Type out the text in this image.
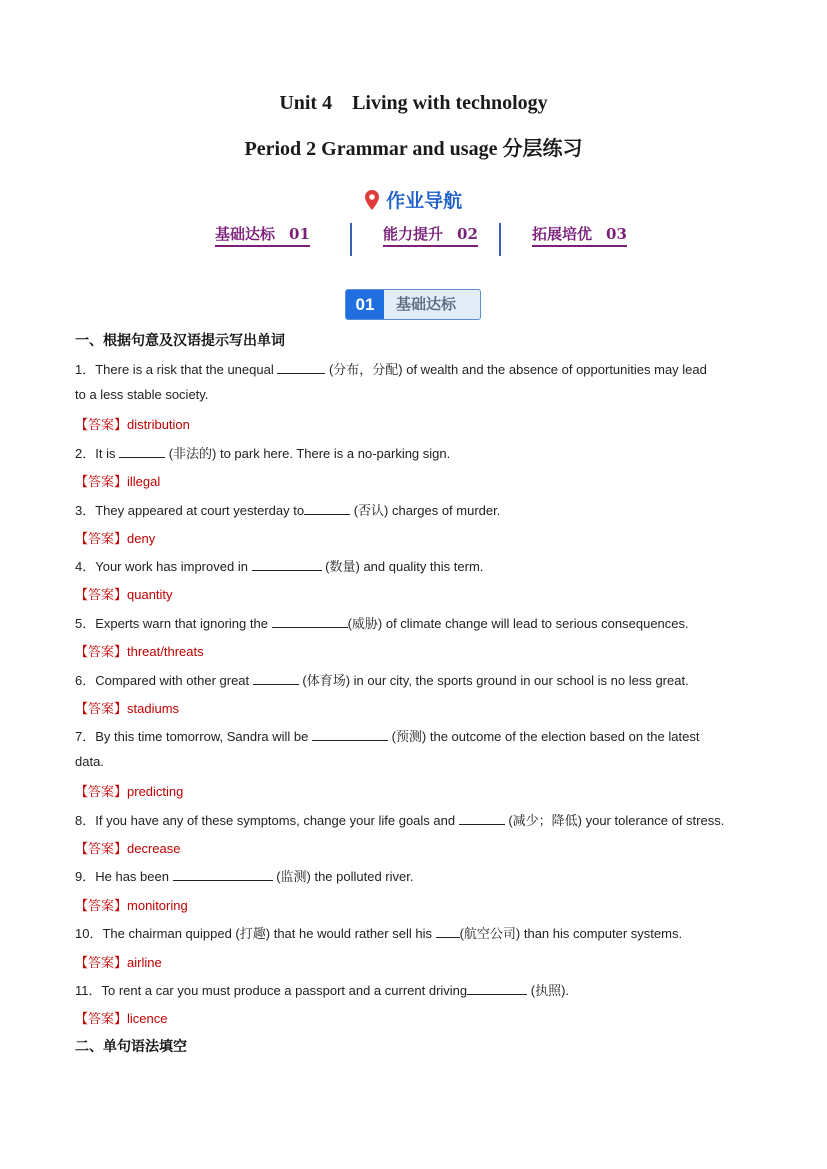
Unit 4    Living with technology
Period 2 Grammar and usage 分层练习
作业导航
基础达标 01	能力提升 02	拓展培优 03
01	基础达标
一、根据句意及汉语提示写出单词
1．There is a risk that the unequal	(分布，分配) of wealth and the absence of opportunities may lead
to a less stable society.
【答案】distribution
2．It is	(非法的) to park here. There is a no-parking sign.
【答案】illegal
3．They appeared at court yesterday to	(否认) charges of murder.
【答案】deny
4．Your work has improved in	(数量) and quality this term.
【答案】quantity
5．Experts warn that ignoring the	(威胁) of climate change will lead to serious consequences.
【答案】threat/threats
6．Compared with other great	(体育场) in our city, the sports ground in our school is no less great.
【答案】stadiums
7．By this time tomorrow, Sandra will be	(预测) the outcome of the election based on the latest
data.
【答案】predicting
8．If you have any of these symptoms, change your life goals and	(减少；降低) your tolerance of stress.
【答案】decrease
9．He has been	(监测) the polluted river.
【答案】monitoring
10．The chairman quipped (打趣) that he would rather sell his (航空公司) than his computer systems.
【答案】airline
11．To rent a car you must produce a passport and a current driving	(执照).
【答案】licence
二、单句语法填空
